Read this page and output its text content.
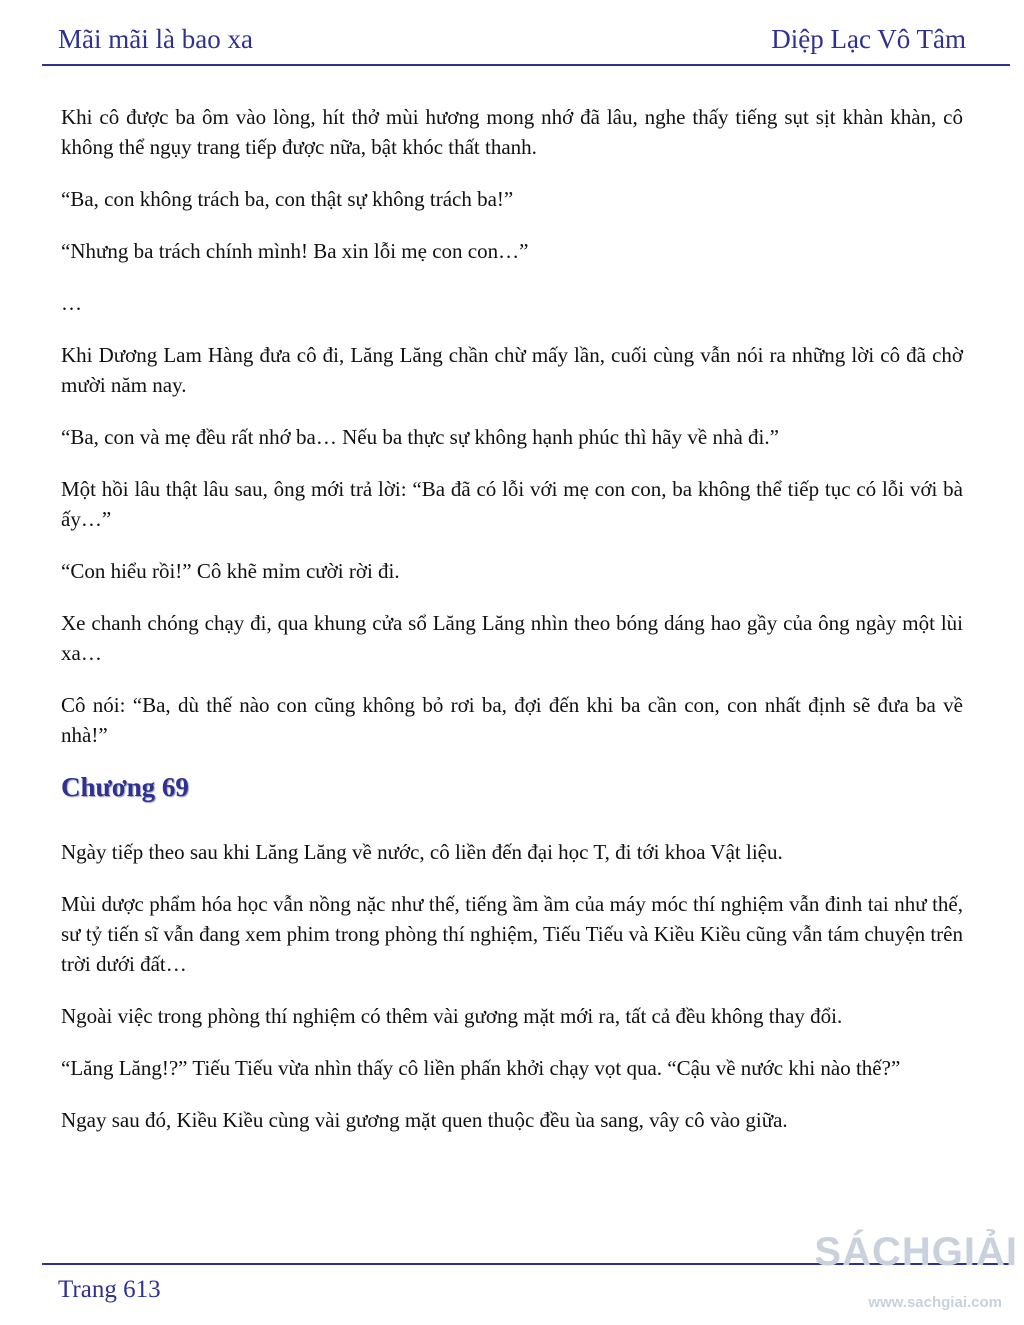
Mãi mãi là bao xa	Diệp Lạc Vô Tâm

Khi cô được ba ôm vào lòng, hít thở mùi hương mong nhớ đã lâu, nghe thấy tiếng sụt sịt khàn khàn, cô không thể ngụy trang tiếp được nữa, bật khóc thất thanh.

“Ba, con không trách ba, con thật sự không trách ba!”

“Nhưng ba trách chính mình! Ba xin lỗi mẹ con con…”

…

Khi Dương Lam Hàng đưa cô đi, Lăng Lăng chần chừ mấy lần, cuối cùng vẫn nói ra những lời cô đã chờ mười năm nay.

“Ba, con và mẹ đều rất nhớ ba… Nếu ba thực sự không hạnh phúc thì hãy về nhà đi.”

Một hồi lâu thật lâu sau, ông mới trả lời: “Ba đã có lỗi với mẹ con con, ba không thể tiếp tục có lỗi với bà ấy…”

“Con hiểu rồi!” Cô khẽ mỉm cười rời đi.

Xe chanh chóng chạy đi, qua khung cửa sổ Lăng Lăng nhìn theo bóng dáng hao gầy của ông ngày một lùi xa…

Cô nói: “Ba, dù thế nào con cũng không bỏ rơi ba, đợi đến khi ba cần con, con nhất định sẽ đưa ba về nhà!”

Chương 69

Ngày tiếp theo sau khi Lăng Lăng về nước, cô liền đến đại học T, đi tới khoa Vật liệu.

Mùi dược phẩm hóa học vẫn nồng nặc như thế, tiếng ầm ầm của máy móc thí nghiệm vẫn đinh tai như thế, sư tỷ tiến sĩ vẫn đang xem phim trong phòng thí nghiệm, Tiếu Tiếu và Kiều Kiều cũng vẫn tám chuyện trên trời dưới đất…

Ngoài việc trong phòng thí nghiệm có thêm vài gương mặt mới ra, tất cả đều không thay đổi.

“Lăng Lăng!?” Tiếu Tiếu vừa nhìn thấy cô liền phấn khởi chạy vọt qua. “Cậu về nước khi nào thế?”

Ngay sau đó, Kiều Kiều cùng vài gương mặt quen thuộc đều ùa sang, vây cô vào giữa.

Trang 613
SÁCHGIẢI
www.sachgiai.com
